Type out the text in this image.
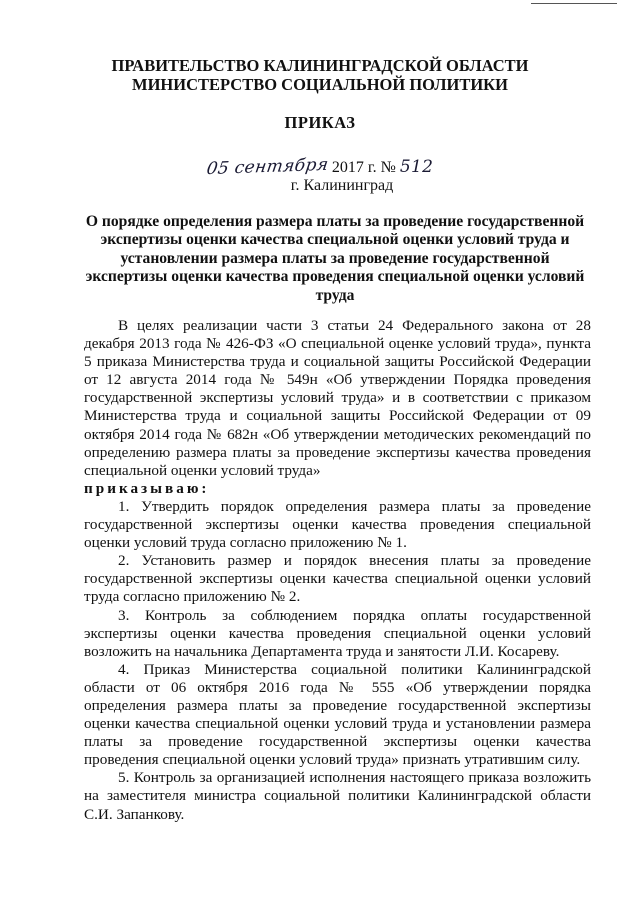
ПРАВИТЕЛЬСТВО КАЛИНИНГРАДСКОЙ ОБЛАСТИ
МИНИСТЕРСТВО СОЦИАЛЬНОЙ ПОЛИТИКИ
ПРИКАЗ
05 сентября 2017 г. № 512
г. Калининград
О порядке определения размера платы за проведение государственной экспертизы оценки качества специальной оценки условий труда и установлении размера платы за проведение государственной экспертизы оценки качества проведения специальной оценки условий труда

В целях реализации части 3 статьи 24 Федерального закона от 28 декабря 2013 года № 426-ФЗ «О специальной оценке условий труда», пункта 5 приказа Министерства труда и социальной защиты Российской Федерации от 12 августа 2014 года № 549н «Об утверждении Порядка проведения государственной экспертизы условий труда» и в соответствии с приказом Министерства труда и социальной защиты Российской Федерации от 09 октября 2014 года № 682н «Об утверждении методических рекомендаций по определению размера платы за проведение экспертизы качества проведения специальной оценки условий труда»

приказываю:

1. Утвердить порядок определения размера платы за проведение государственной экспертизы оценки качества проведения специальной оценки условий труда согласно приложению № 1.

2. Установить размер и порядок внесения платы за проведение государственной экспертизы оценки качества специальной оценки условий труда согласно приложению № 2.

3. Контроль за соблюдением порядка оплаты государственной экспертизы оценки качества проведения специальной оценки условий возложить на начальника Департамента труда и занятости Л.И. Косареву.

4. Приказ Министерства социальной политики Калининградской области от 06 октября 2016 года № 555 «Об утверждении порядка определения размера платы за проведение государственной экспертизы оценки качества специальной оценки условий труда и установлении размера платы за проведение государственной экспертизы оценки качества проведения специальной оценки условий труда» признать утратившим силу.

5. Контроль за организацией исполнения настоящего приказа возложить на заместителя министра социальной политики Калининградской области С.И. Запанкову.
